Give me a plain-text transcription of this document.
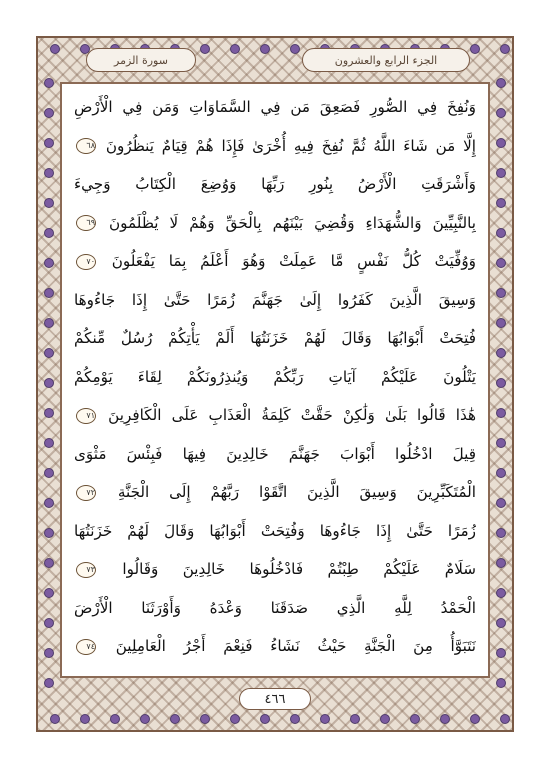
سورة الزمر	الجزء الرابع والعشرون
وَنُفِخَ فِي الصُّورِ فَصَعِقَ مَن فِي السَّمَاوَاتِ وَمَن فِي الْأَرْضِ
إِلَّا مَن شَاءَ اللَّهُ ثُمَّ نُفِخَ فِيهِ أُخْرَىٰ فَإِذَا هُمْ قِيَامٌ يَنظُرُونَ ٦٨
وَأَشْرَقَتِ الْأَرْضُ بِنُورِ رَبِّهَا وَوُضِعَ الْكِتَابُ وَجِيءَ
بِالنَّبِيِّينَ وَالشُّهَدَاءِ وَقُضِيَ بَيْنَهُم بِالْحَقِّ وَهُمْ لَا يُظْلَمُونَ ٦٩
وَوُفِّيَتْ كُلُّ نَفْسٍ مَّا عَمِلَتْ وَهُوَ أَعْلَمُ بِمَا يَفْعَلُونَ ٧٠
وَسِيقَ الَّذِينَ كَفَرُوا إِلَىٰ جَهَنَّمَ زُمَرًا حَتَّىٰ إِذَا جَاءُوهَا
فُتِحَتْ أَبْوَابُهَا وَقَالَ لَهُمْ خَزَنَتُهَا أَلَمْ يَأْتِكُمْ رُسُلٌ مِّنكُمْ
يَتْلُونَ عَلَيْكُمْ آيَاتِ رَبِّكُمْ وَيُنذِرُونَكُمْ لِقَاءَ يَوْمِكُمْ
هَٰذَا قَالُوا بَلَىٰ وَلَٰكِنْ حَقَّتْ كَلِمَةُ الْعَذَابِ عَلَى الْكَافِرِينَ ٧١
قِيلَ ادْخُلُوا أَبْوَابَ جَهَنَّمَ خَالِدِينَ فِيهَا فَبِئْسَ مَثْوَى
الْمُتَكَبِّرِينَ وَسِيقَ الَّذِينَ اتَّقَوْا رَبَّهُمْ إِلَى الْجَنَّةِ ٧٢
زُمَرًا حَتَّىٰ إِذَا جَاءُوهَا وَفُتِحَتْ أَبْوَابُهَا وَقَالَ لَهُمْ خَزَنَتُهَا
سَلَامٌ عَلَيْكُمْ طِبْتُمْ فَادْخُلُوهَا خَالِدِينَ وَقَالُوا ٧٣
الْحَمْدُ لِلَّهِ الَّذِي صَدَقَنَا وَعْدَهُ وَأَوْرَثَنَا الْأَرْضَ
نَتَبَوَّأُ مِنَ الْجَنَّةِ حَيْثُ نَشَاءُ فَنِعْمَ أَجْرُ الْعَامِلِينَ ٧٤
٤٦٦
